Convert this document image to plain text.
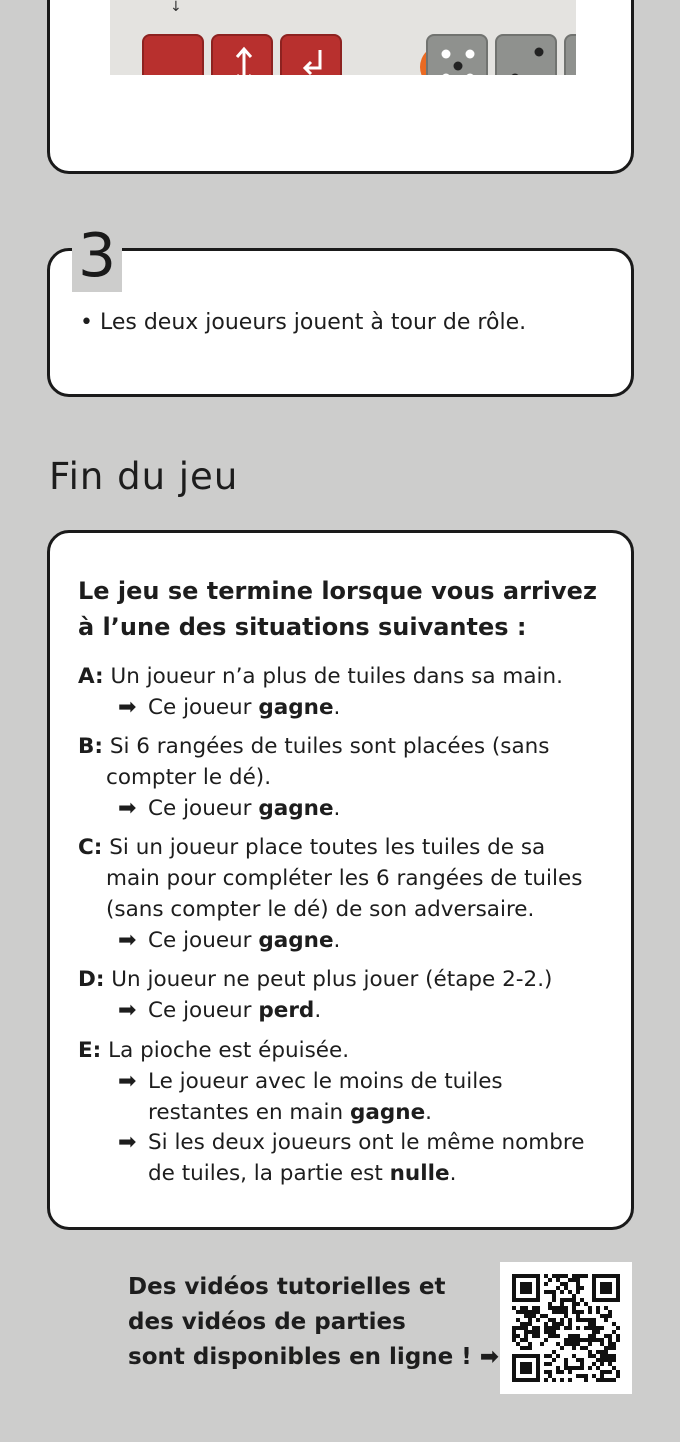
↓
3
• Les deux joueurs jouent à tour de rôle.
Fin du jeu
Le jeu se termine lorsque vous arrivez à l’une des situations suivantes :
A: Un joueur n’a plus de tuiles dans sa main.
➡ Ce joueur gagne.
B: Si 6 rangées de tuiles sont placées (sans
compter le dé).
➡ Ce joueur gagne.
C: Si un joueur place toutes les tuiles de sa
main pour compléter les 6 rangées de tuiles
(sans compter le dé) de son adversaire.
➡ Ce joueur gagne.
D: Un joueur ne peut plus jouer (étape 2-2.)
➡ Ce joueur perd.
E: La pioche est épuisée.
➡ Le joueur avec le moins de tuiles
restantes en main gagne.
➡ Si les deux joueurs ont le même nombre
de tuiles, la partie est nulle.
Des vidéos tutorielles et
des vidéos de parties
sont disponibles en ligne ! ➡
